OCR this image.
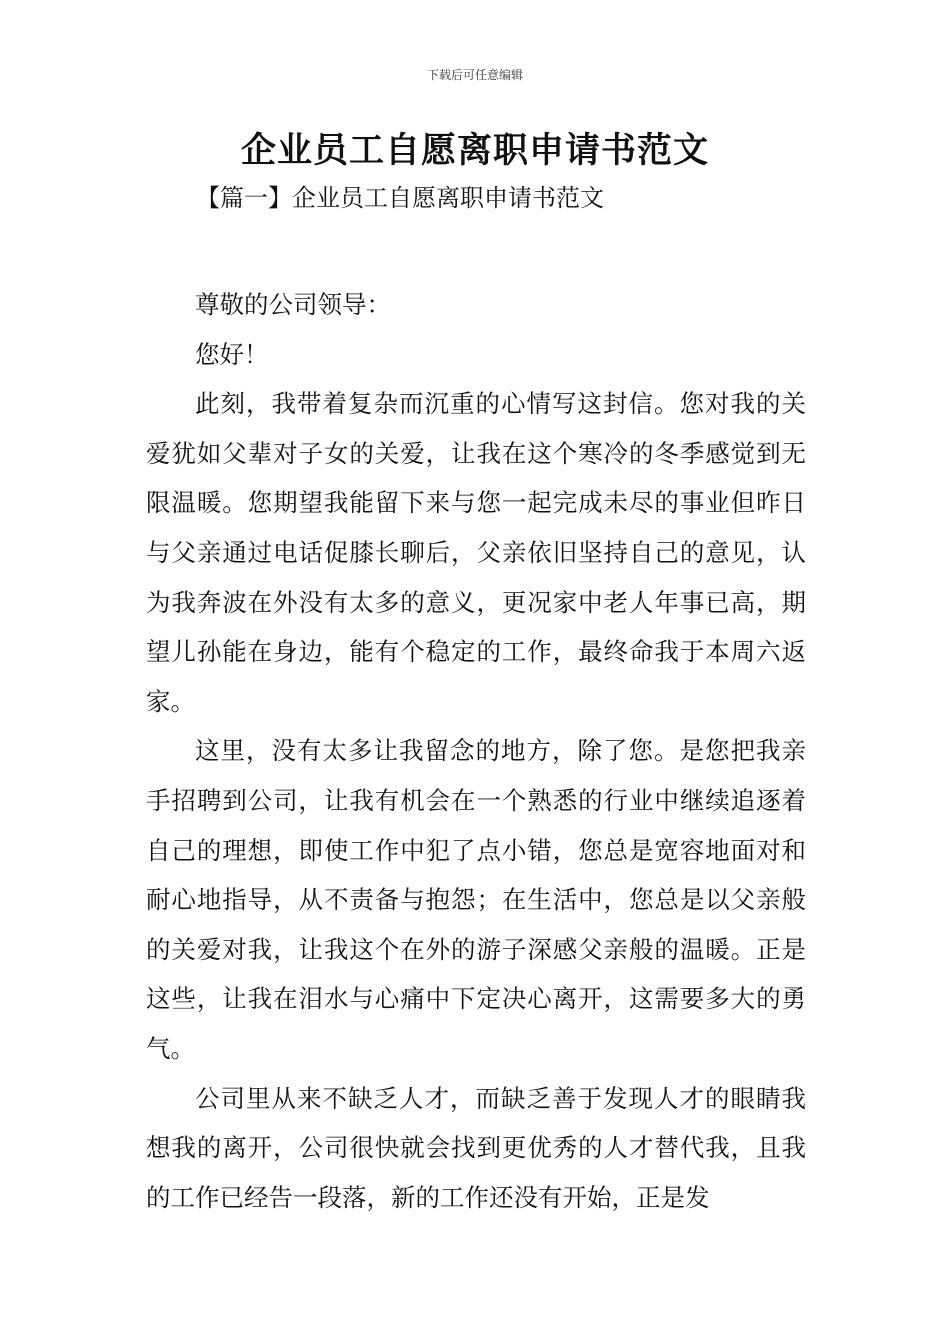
下载后可任意编辑
企业员工自愿离职申请书范文
【篇一】企业员工自愿离职申请书范文

尊敬的公司领导：

您好！

此刻，我带着复杂而沉重的心情写这封信。您对我的关爱犹如父辈对子女的关爱，让我在这个寒冷的冬季感觉到无限温暖。您期望我能留下来与您一起完成未尽的事业但昨日与父亲通过电话促膝长聊后，父亲依旧坚持自己的意见，认为我奔波在外没有太多的意义，更况家中老人年事已高，期望儿孙能在身边，能有个稳定的工作，最终命我于本周六返家。

这里，没有太多让我留念的地方，除了您。是您把我亲手招聘到公司，让我有机会在一个熟悉的行业中继续追逐着自己的理想，即使工作中犯了点小错，您总是宽容地面对和耐心地指导，从不责备与抱怨；在生活中，您总是以父亲般的关爱对我，让我这个在外的游子深感父亲般的温暖。正是这些，让我在泪水与心痛中下定决心离开，这需要多大的勇气。

公司里从来不缺乏人才，而缺乏善于发现人才的眼睛我想我的离开，公司很快就会找到更优秀的人才替代我，且我的工作已经告一段落，新的工作还没有开始，正是发
